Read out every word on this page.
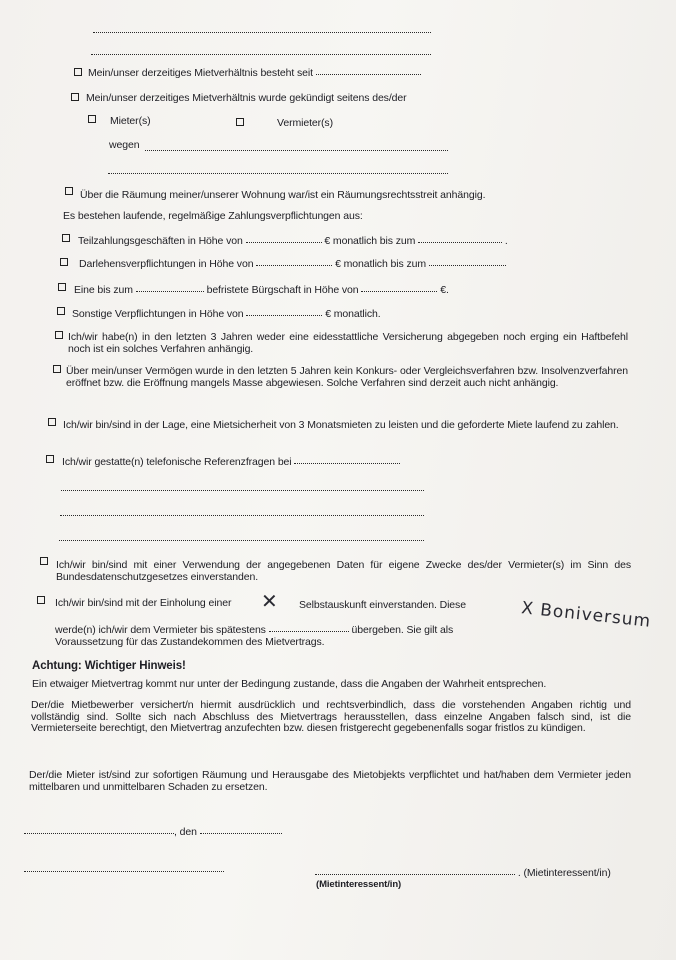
Mein/unser derzeitiges Mietverhältnis besteht seit
Mein/unser derzeitiges Mietverhältnis wurde gekündigt seitens des/der
Mieter(s)	Vermieter(s)
wegen
Über die Räumung meiner/unserer Wohnung war/ist ein Räumungsrechtsstreit anhängig.
Es bestehen laufende, regelmäßige Zahlungsverpflichtungen aus:
Teilzahlungsgeschäften in Höhe von	€ monatlich bis zum	.
Darlehensverpflichtungen in Höhe von	€ monatlich bis zum
Eine bis zum	befristete Bürgschaft in Höhe von	€.
Sonstige Verpflichtungen in Höhe von	€ monatlich.
Ich/wir habe(n) in den letzten 3 Jahren weder eine eidesstattliche Versicherung abgegeben noch erging ein Haftbefehl noch ist ein solches Verfahren anhängig.
Über mein/unser Vermögen wurde in den letzten 5 Jahren kein Konkurs- oder Vergleichsverfahren bzw. Insolvenzverfahren eröffnet bzw. die Eröffnung mangels Masse abgewiesen. Solche Verfahren sind derzeit auch nicht anhängig.
Ich/wir bin/sind in der Lage, eine Mietsicherheit von 3 Monatsmieten zu leisten und die geforderte Miete laufend zu zahlen.
Ich/wir gestatte(n) telefonische Referenzfragen bei
Ich/wir bin/sind mit einer Verwendung der angegebenen Daten für eigene Zwecke des/der Vermieter(s) im Sinn des Bundesdatenschutzgesetzes einverstanden.
Ich/wir bin/sind mit der Einholung einer ✕ Selbstauskunft einverstanden. Diese
werde(n) ich/wir dem Vermieter bis spätestens	übergeben. Sie gilt als
Voraussetzung für das Zustandekommen des Mietvertrags.
X Boniversum
Achtung: Wichtiger Hinweis!
Ein etwaiger Mietvertrag kommt nur unter der Bedingung zustande, dass die Angaben der Wahrheit entsprechen.
Der/die Mietbewerber versichert/n hiermit ausdrücklich und rechtsverbindlich, dass die vorstehenden Angaben richtig und vollständig sind. Sollte sich nach Abschluss des Mietvertrags herausstellen, dass einzelne Angaben falsch sind, ist die Vermieterseite berechtigt, den Mietvertrag anzufechten bzw. diesen fristgerecht gegebenenfalls sogar fristlos zu kündigen.
Der/die Mieter ist/sind zur sofortigen Räumung und Herausgabe des Mietobjekts verpflichtet und hat/haben dem Vermieter jeden mittelbaren und unmittelbaren Schaden zu ersetzen.
, den
. (Mietinteressent/in)
(Mietinteressent/in)
